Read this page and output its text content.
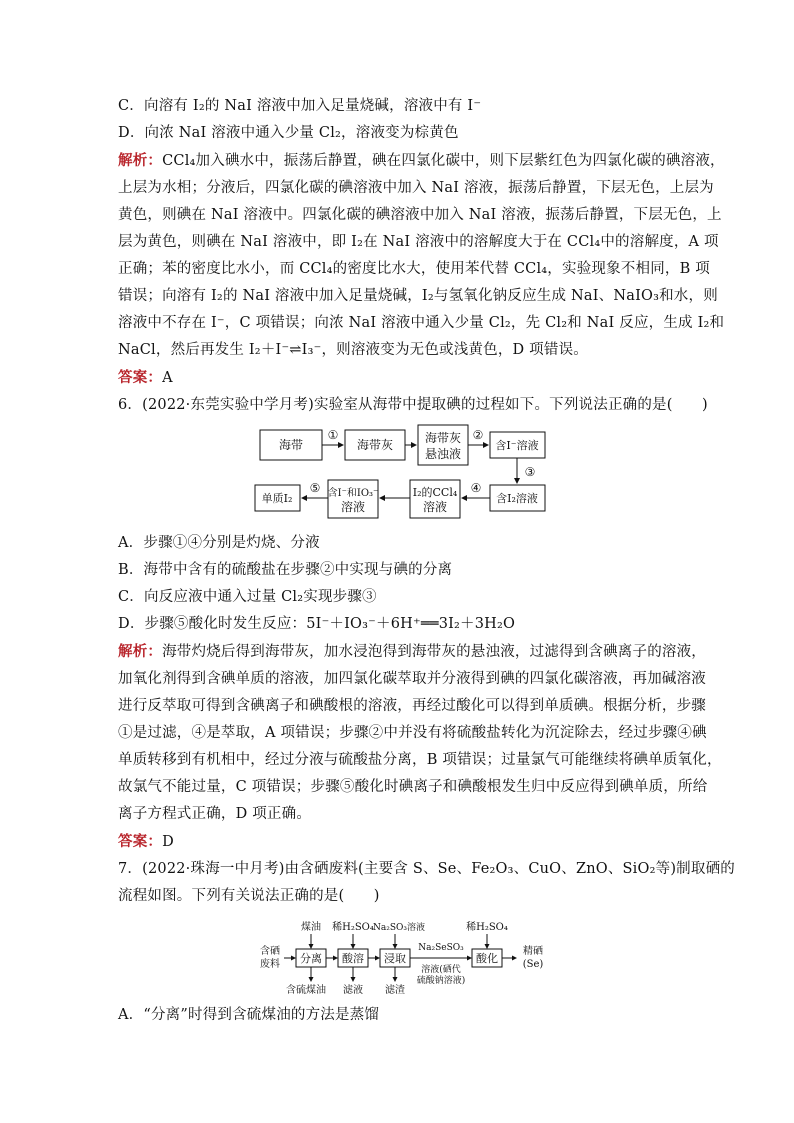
C．向溶有 I₂的 NaI 溶液中加入足量烧碱，溶液中有 I⁻
D．向浓 NaI 溶液中通入少量 Cl₂，溶液变为棕黄色
解析：CCl₄加入碘水中，振荡后静置，碘在四氯化碳中，则下层紫红色为四氯化碳的碘溶液，
上层为水相；分液后，四氯化碳的碘溶液中加入 NaI 溶液，振荡后静置，下层无色，上层为
黄色，则碘在 NaI 溶液中。四氯化碳的碘溶液中加入 NaI 溶液，振荡后静置，下层无色，上
层为黄色，则碘在 NaI 溶液中，即 I₂在 NaI 溶液中的溶解度大于在 CCl₄中的溶解度，A 项
正确；苯的密度比水小，而 CCl₄的密度比水大，使用苯代替 CCl₄，实验现象不相同，B 项
错误；向溶有 I₂的 NaI 溶液中加入足量烧碱，I₂与氢氧化钠反应生成 NaI、NaIO₃和水，则
溶液中不存在 I⁻，C 项错误；向浓 NaI 溶液中通入少量 Cl₂，先 Cl₂和 NaI 反应，生成 I₂和
NaCl，然后再发生 I₂＋I⁻⇌I₃⁻，则溶液变为无色或浅黄色，D 项错误。
答案：A
6．(2022·东莞实验中学月考)实验室从海带中提取碘的过程如下。下列说法正确的是(　　)
海带	海带灰	海带灰
悬浊液
含I⁻溶液
含I₂溶液
I₂的CCl₄
溶液
含I⁻和IO₃⁻
溶液
单质I₂
①	②
③
④
⑤
A．步骤①④分别是灼烧、分液
B．海带中含有的硫酸盐在步骤②中实现与碘的分离
C．向反应液中通入过量 Cl₂实现步骤③
D．步骤⑤酸化时发生反应：5I⁻＋IO₃⁻＋6H⁺══3I₂＋3H₂O
解析：海带灼烧后得到海带灰，加水浸泡得到海带灰的悬浊液，过滤得到含碘离子的溶液，
加氧化剂得到含碘单质的溶液，加四氯化碳萃取并分液得到碘的四氯化碳溶液，再加碱溶液
进行反萃取可得到含碘离子和碘酸根的溶液，再经过酸化可以得到单质碘。根据分析，步骤
①是过滤，④是萃取，A 项错误；步骤②中并没有将硫酸盐转化为沉淀除去，经过步骤④碘
单质转移到有机相中，经过分液与硫酸盐分离，B 项错误；过量氯气可能继续将碘单质氧化，
故氯气不能过量，C 项错误；步骤⑤酸化时碘离子和碘酸根发生归中反应得到碘单质，所给
离子方程式正确，D 项正确。
答案：D
7．(2022·珠海一中月考)由含硒废料(主要含 S、Se、Fe₂O₃、CuO、ZnO、SiO₂等)制取硒的
流程如图。下列有关说法正确的是(　　)
含硒
废料 分离 酸溶 浸取	酸化
煤油 稀H₂SO₄ Na₂SO₃溶液	稀H₂SO₄
Na₂SeSO₃
溶液(硒代
硫酸钠溶液)
精硒
(Se)
含硫煤油 滤液 滤渣
A．“分离”时得到含硫煤油的方法是蒸馏
